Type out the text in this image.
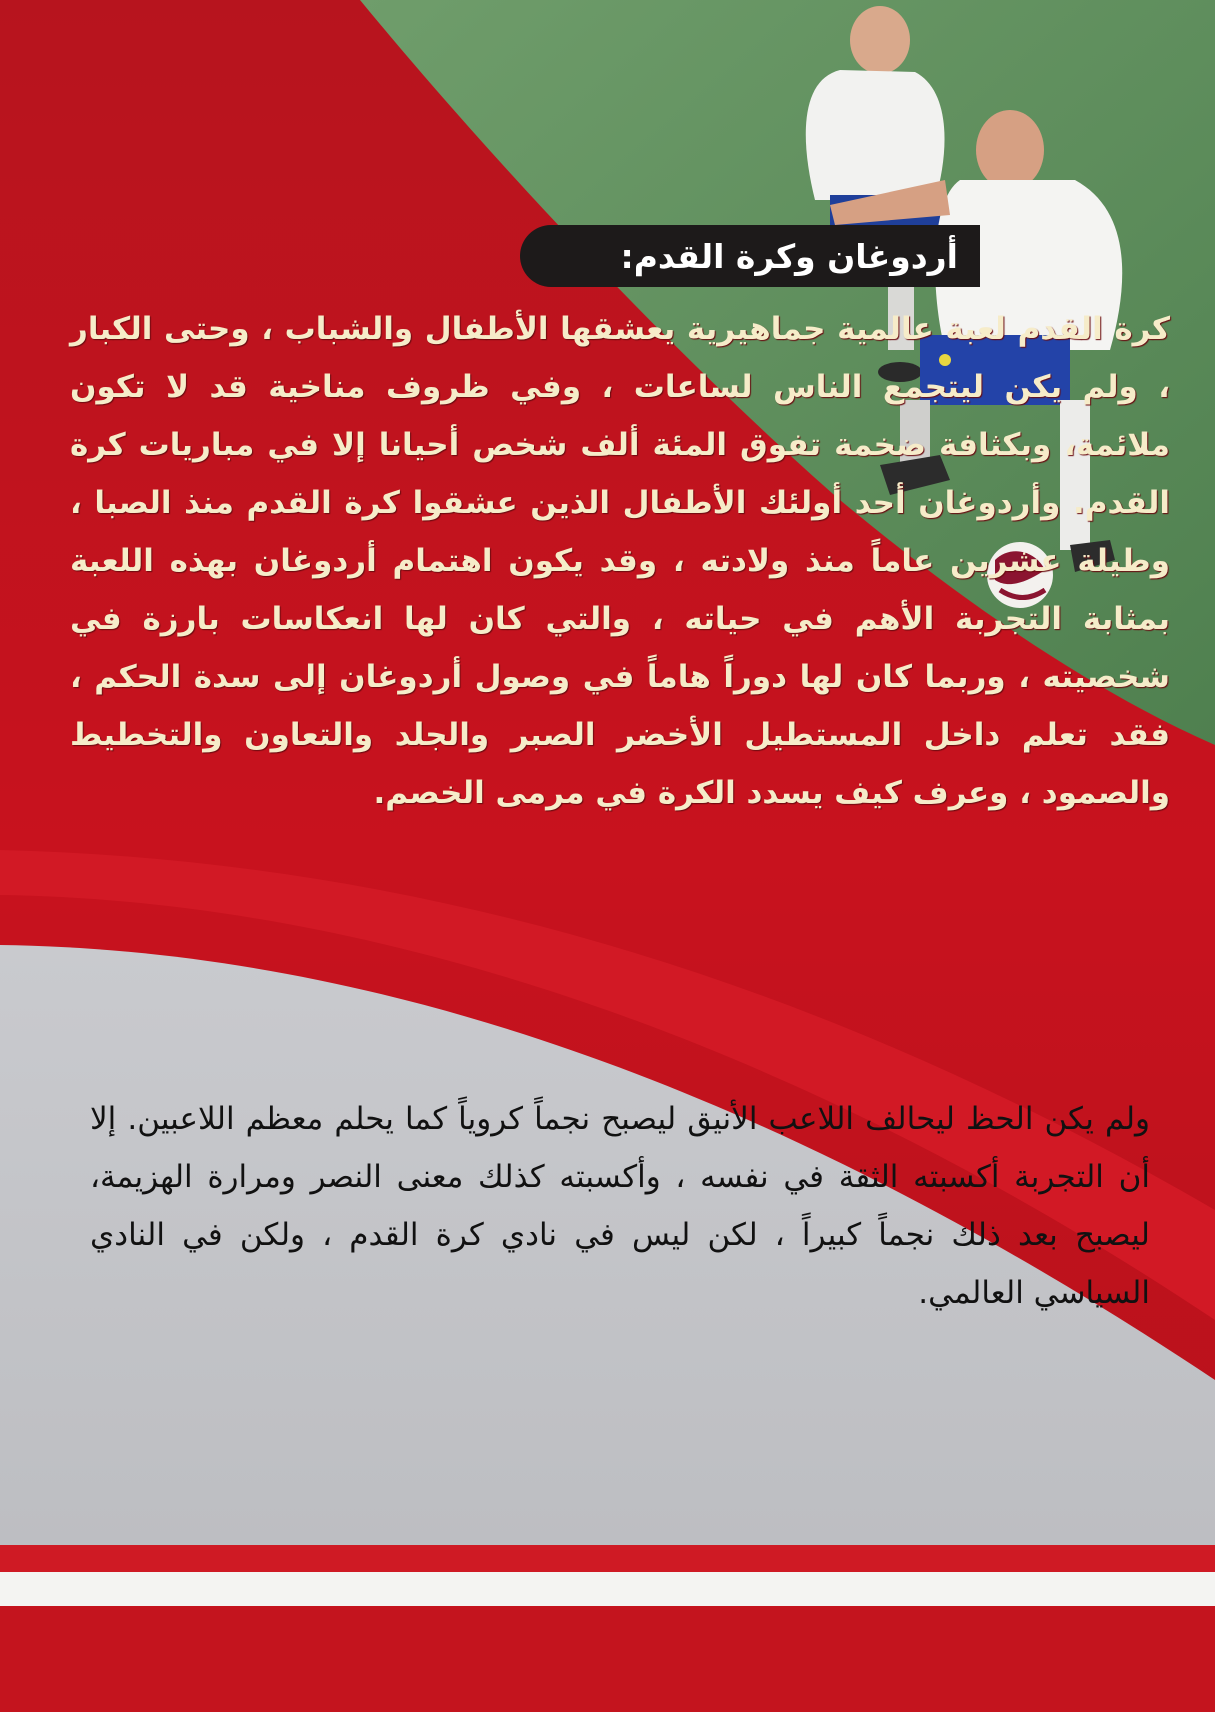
أردوغان وكرة القدم:

كرة القدم لعبة عالمية جماهيرية يعشقها الأطفال والشباب ، وحتى الكبار ، ولم يكن ليتجمع الناس لساعات ، وفي ظروف مناخية قد لا تكون ملائمة، وبكثافة ضخمة تفوق المئة ألف شخص أحيانا إلا في مباريات كرة القدم. وأردوغان أحد أولئك الأطفال الذين عشقوا كرة القدم منذ الصبا ، وطيلة عشرين عاماً منذ ولادته ، وقد يكون اهتمام أردوغان بهذه اللعبة بمثابة التجربة الأهم في حياته ، والتي كان لها انعكاسات بارزة في شخصيته ، وربما كان لها دوراً هاماً في وصول أردوغان إلى سدة الحكم ، فقد تعلم داخل المستطيل الأخضر الصبر والجلد والتعاون والتخطيط والصمود ، وعرف كيف يسدد الكرة في مرمى الخصم.

ولم يكن الحظ ليحالف اللاعب الأنيق ليصبح نجماً كروياً كما يحلم معظم اللاعبين. إلا أن التجربة أكسبته الثقة في نفسه ، وأكسبته كذلك معنى النصر ومرارة الهزيمة، ليصبح بعد ذلك نجماً كبيراً ، لكن ليس في نادي كرة القدم ، ولكن في النادي السياسي العالمي.
